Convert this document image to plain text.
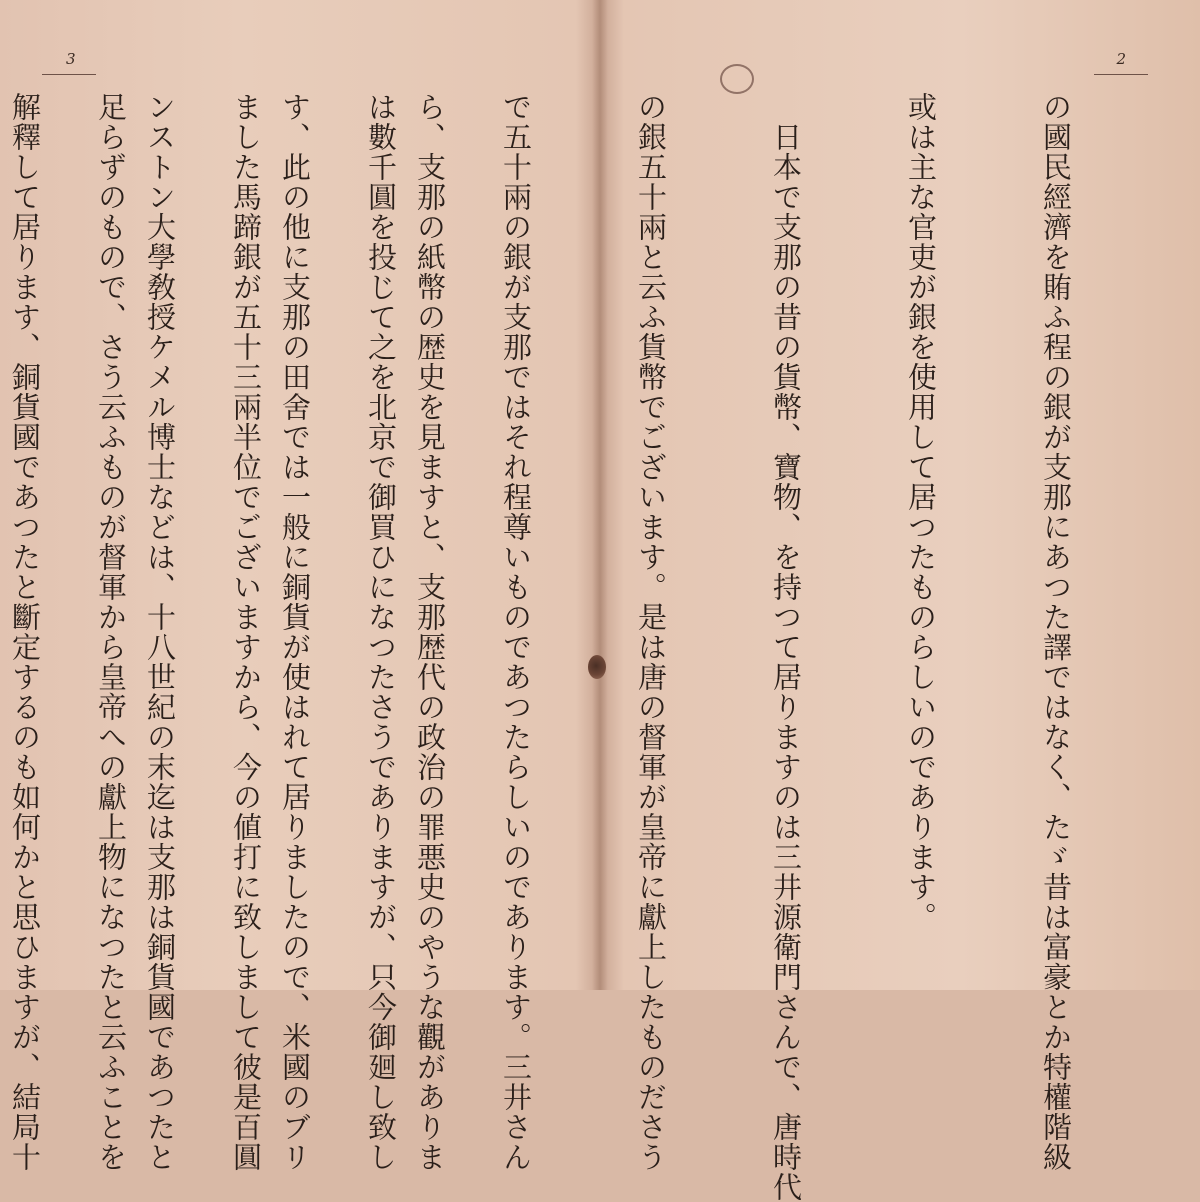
3

ら、支那の紙幣の歴史を見ますと、支那歴代の政治の罪悪史のやうな觀がありま

す、此の他に支那の田舍では一般に銅貨が使はれて居りましたので、米國のブリ

ンストン大學敎授ケメル博士などは、十八世紀の末迄は支那は銅貨國であつたと

解釋して居ります、銅貨國であつたと斷定するのも如何かと思ひますが、結局十

2

の國民經濟を賄ふ程の銀が支那にあつた譯ではなく、たゞ昔は富豪とか特權階級

或は主な官吏が銀を使用して居つたものらしいのであります。

　日本で支那の昔の貨幣、寶物、を持つて居りますのは三井源衛門さんで、唐時代

の銀五十兩と云ふ貨幣でございます。是は唐の督軍が皇帝に獻上したものださう

で五十兩の銀が支那ではそれ程尊いものであつたらしいのであります。三井さん

は數千圓を投じて之を北京で御買ひになつたさうでありますが、只今御廻し致し

ました馬蹄銀が五十三兩半位でございますから、今の値打に致しまして彼是百圓

足らずのもので、さう云ふものが督軍から皇帝への獻上物になつたと云ふことを
